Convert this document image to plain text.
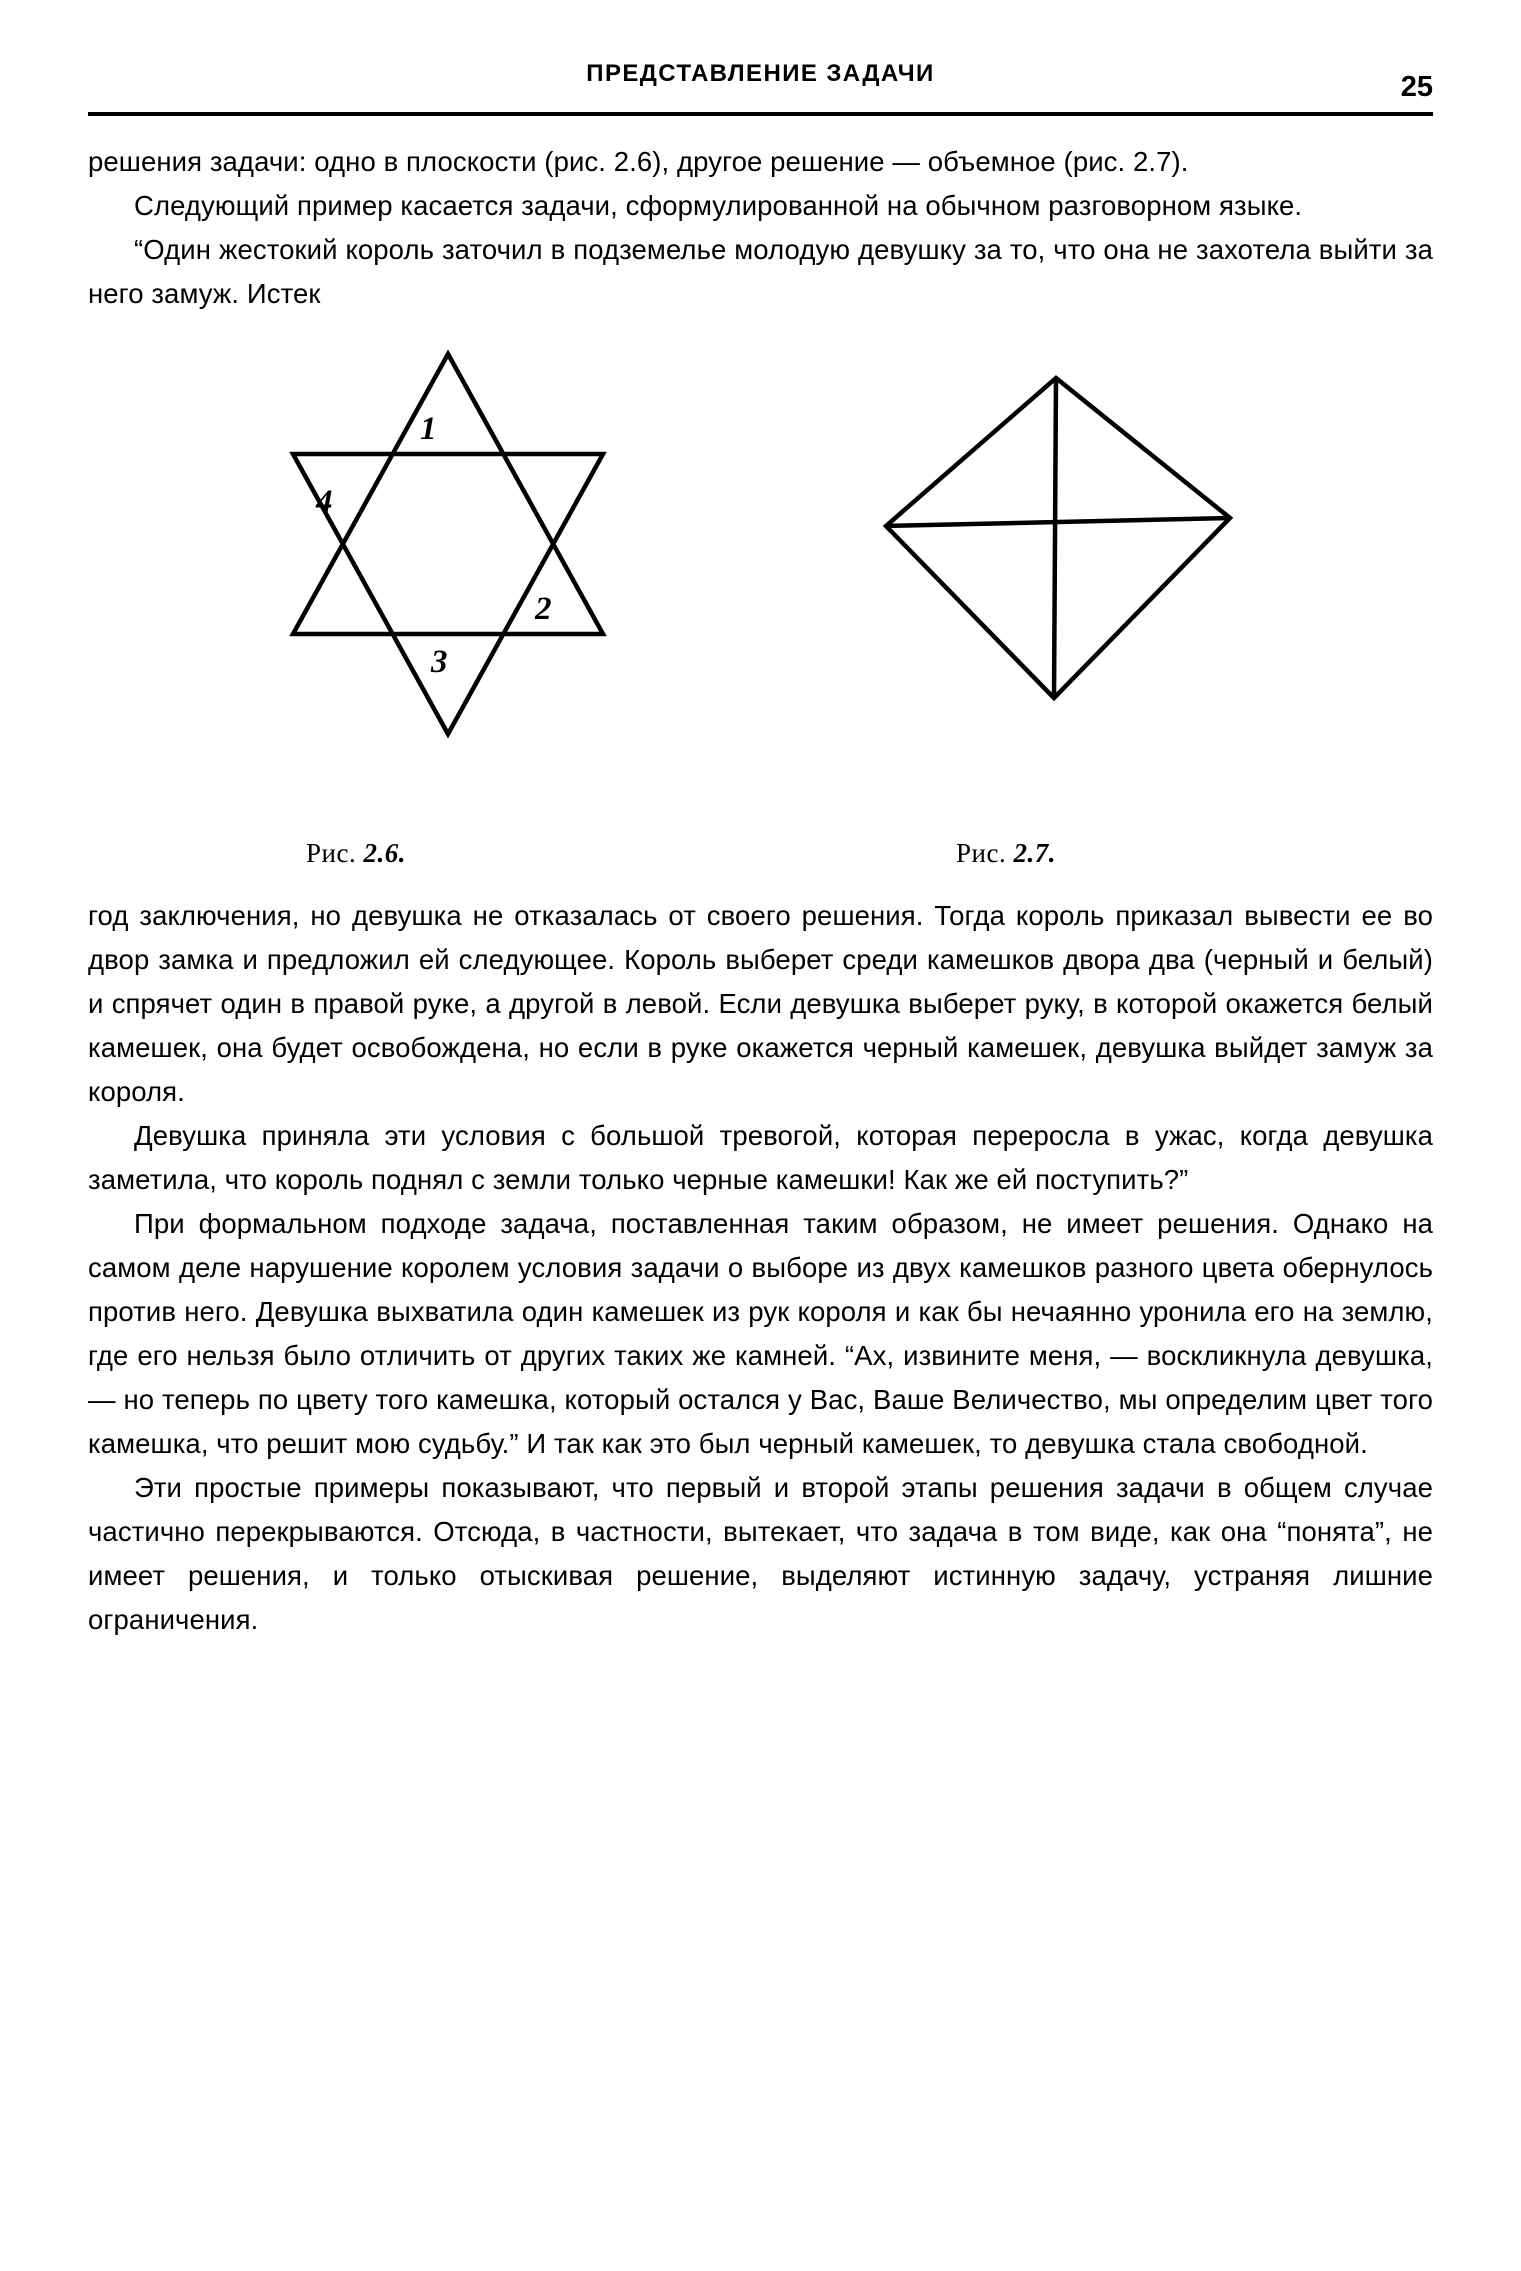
ПРЕДСТАВЛЕНИЕ ЗАДАЧИ	25

решения задачи: одно в плоскости (рис. 2.6), другое решение — объемное (рис. 2.7).

Следующий пример касается задачи, сформулированной на обычном разговорном языке.

“Один жестокий король заточил в подземелье молодую девушку за то, что она не захотела выйти за него замуж. Истек

1
4
2
3
Рис. 2.6.	Рис. 2.7.

год заключения, но девушка не отказалась от своего решения. Тогда король приказал вывести ее во двор замка и предложил ей следующее. Король выберет среди камешков двора два (черный и белый) и спрячет один в правой руке, а другой в левой. Если девушка выберет руку, в которой окажется белый камешек, она будет освобождена, но если в руке окажется черный камешек, девушка выйдет замуж за короля.

Девушка приняла эти условия с большой тревогой, которая переросла в ужас, когда девушка заметила, что король поднял с земли только черные камешки! Как же ей поступить?”

При формальном подходе задача, поставленная таким образом, не имеет решения. Однако на самом деле нарушение королем условия задачи о выборе из двух камешков разного цвета обернулось против него. Девушка выхватила один камешек из рук короля и как бы нечаянно уронила его на землю, где его нельзя было отличить от других таких же камней. “Ах, извините меня, — воскликнула девушка, — но теперь по цвету того камешка, который остался у Вас, Ваше Величество, мы определим цвет того камешка, что решит мою судьбу.” И так как это был черный камешек, то девушка стала свободной.

Эти простые примеры показывают, что первый и второй этапы решения задачи в общем случае частично перекрываются. Отсюда, в частности, вытекает, что задача в том виде, как она “понята”, не имеет решения, и только отыскивая решение, выделяют истинную задачу, устраняя лишние ограничения.
